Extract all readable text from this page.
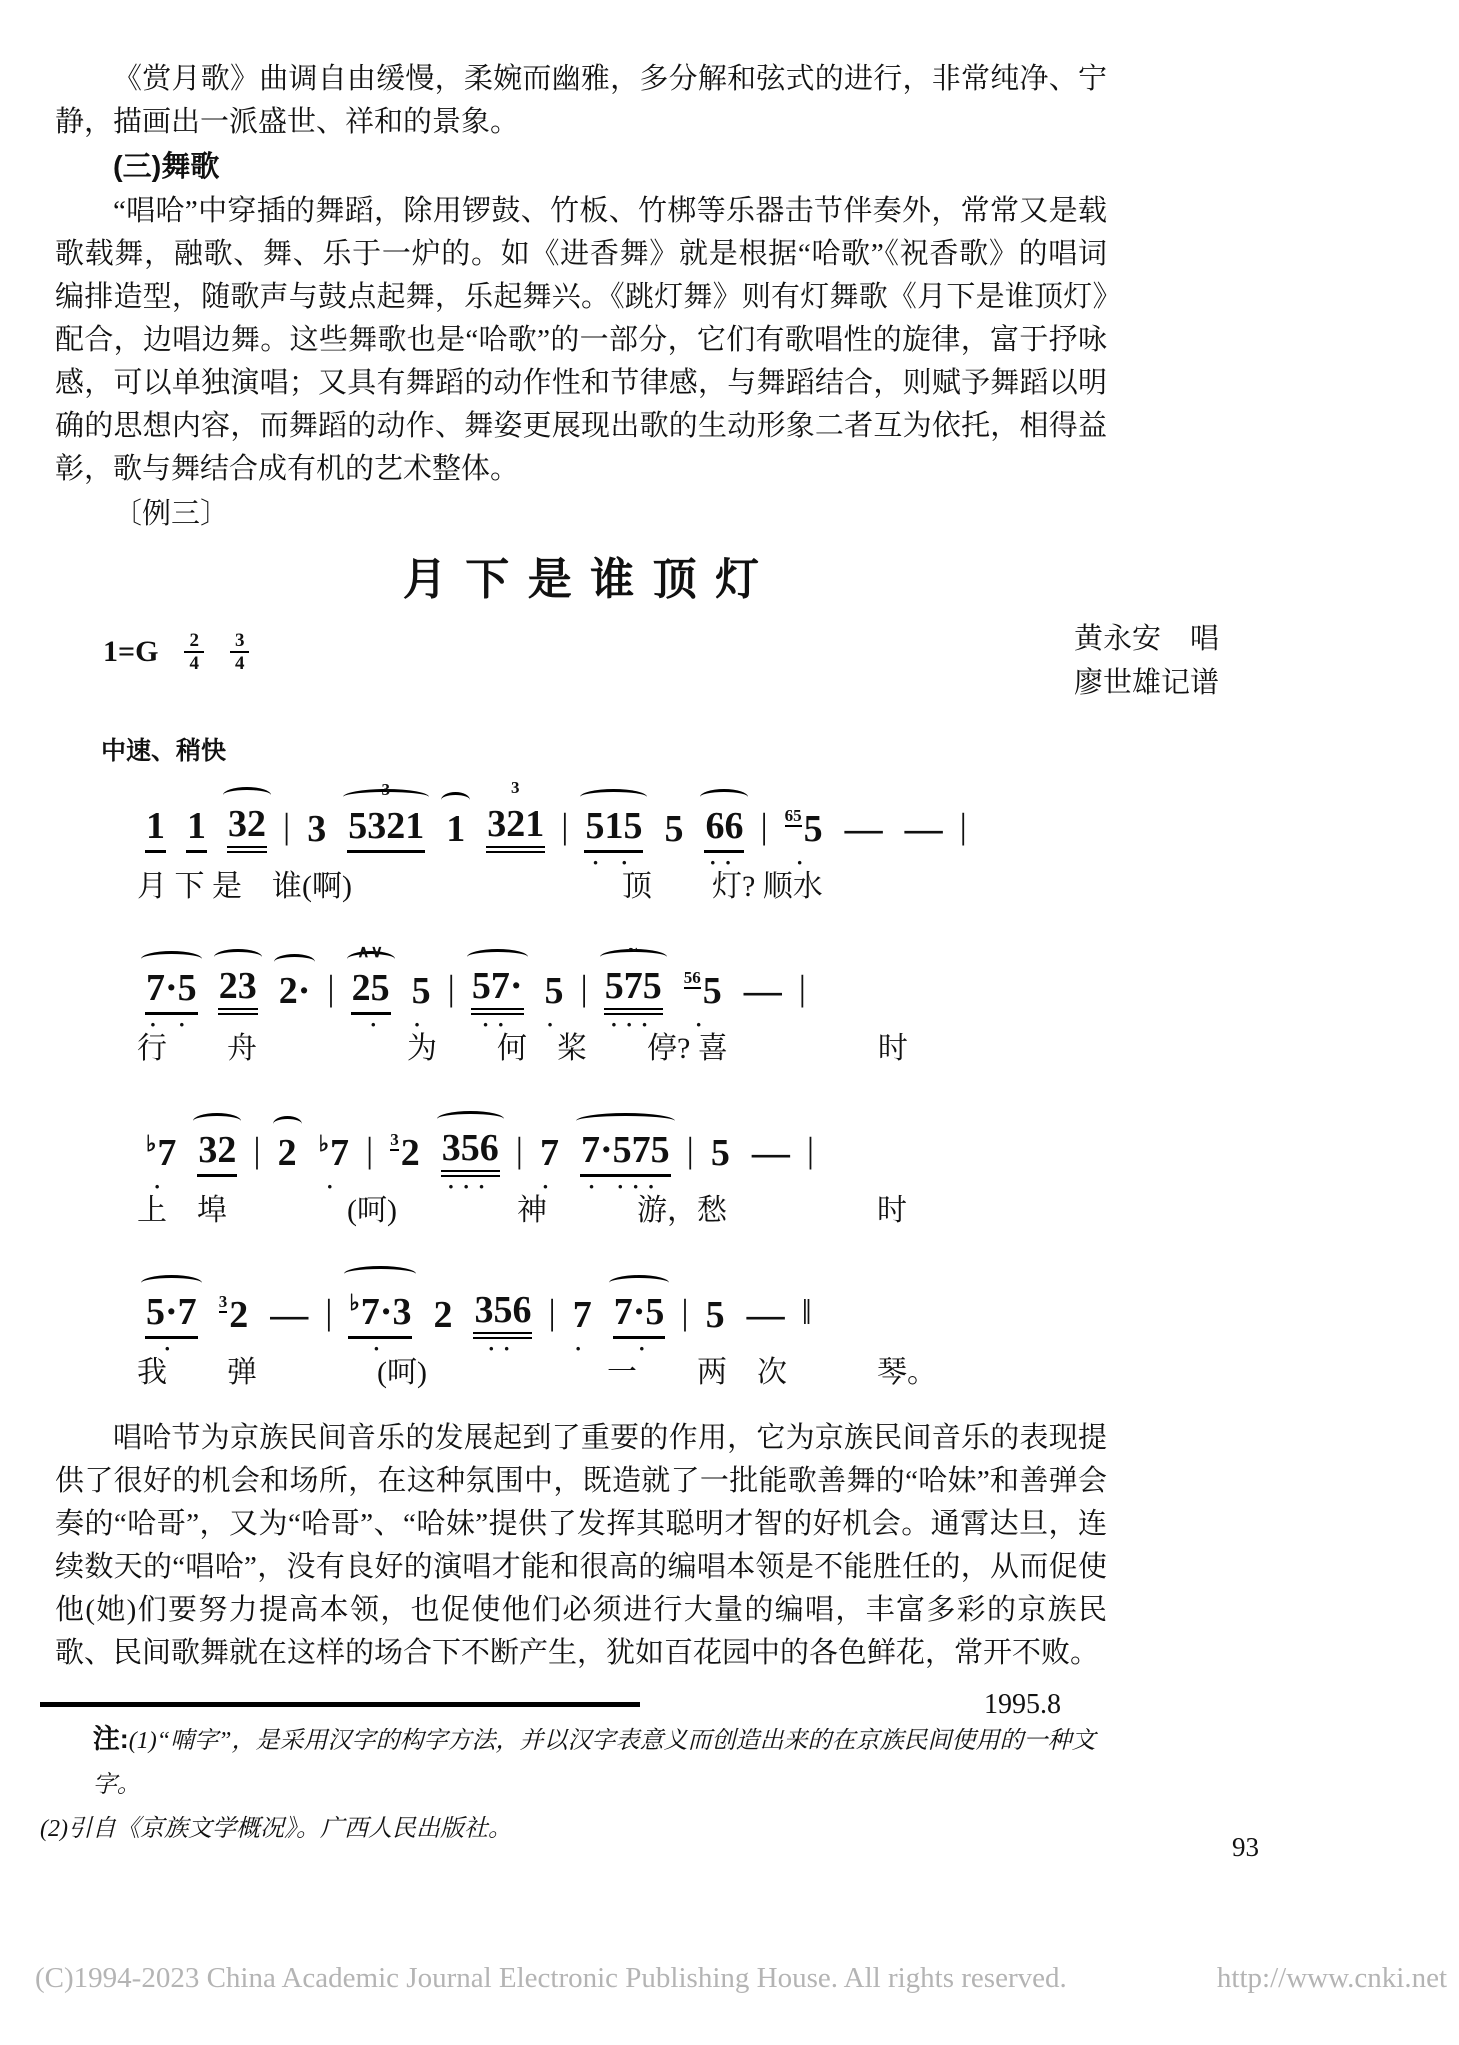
《赏月歌》曲调自由缓慢，柔婉而幽雅，多分解和弦式的进行，非常纯净、宁静，描画出一派盛世、祥和的景象。

(三)舞歌

“唱哈”中穿插的舞蹈，除用锣鼓、竹板、竹梆等乐器击节伴奏外，常常又是载歌载舞，融歌、舞、乐于一炉的。如《进香舞》就是根据“哈歌”《祝香歌》的唱词编排造型，随歌声与鼓点起舞，乐起舞兴。《跳灯舞》则有灯舞歌《月下是谁顶灯》配合，边唱边舞。这些舞歌也是“哈歌”的一部分，它们有歌唱性的旋律，富于抒咏感，可以单独演唱；又具有舞蹈的动作性和节律感，与舞蹈结合，则赋予舞蹈以明确的思想内容，而舞蹈的动作、舞姿更展现出歌的生动形象二者互为依托，相得益彰，歌与舞结合成有机的艺术整体。

〔例三〕
月下是谁顶灯
$1=G \frac{2}{4} \frac{3}{4}$	黄永安　唱
廖世雄记谱
中速、稍快
1 1 32 | 3
3
5321 1
3
321 | 515
· ·
5 66
··
| $^{65}$5
·
— — |
月 下 是　谁(啊)　　　　　　　　　顶　　灯? 顺水
7·5
· ·
23 2· |
∧∨
25
·
5
·
| 57·
··
5
·
|
~
575
···
$^{56}$5
·
— |
行　　舟　　　　　为　　何　桨　　停? 喜　　　　　时
♭7
·
32 | 2 ♭7
·
| $^3$2 356
···
| 7
·
7·575
· ···
| 5 — |
上　埠　　　　(呵)　　　　神　　　游，愁　　　　　时
5·7
·
$^3$2 — | ♭7·3
·
2 356
··
| 7
·
7·5
·
| 5 — ‖
我　　弹　　　　(呵)　　　　　　一　　两　次　　　琴。

唱哈节为京族民间音乐的发展起到了重要的作用，它为京族民间音乐的表现提供了很好的机会和场所，在这种氛围中，既造就了一批能歌善舞的“哈妹”和善弹会奏的“哈哥”，又为“哈哥”、“哈妹”提供了发挥其聪明才智的好机会。通霄达旦，连续数天的“唱哈”，没有良好的演唱才能和很高的编唱本领是不能胜任的，从而促使他(她)们要努力提高本领，也促使他们必须进行大量的编唱，丰富多彩的京族民歌、民间歌舞就在这样的场合下不断产生，犹如百花园中的各色鲜花，常开不败。

1995.8

注:(1)“喃字”，是采用汉字的构字方法，并以汉字表意义而创造出来的在京族民间使用的一种文字。

(2)引自《京族文学概况》。广西人民出版社。

93
(C)1994-2023 China Academic Journal Electronic Publishing House. All rights reserved.	http://www.cnki.net
